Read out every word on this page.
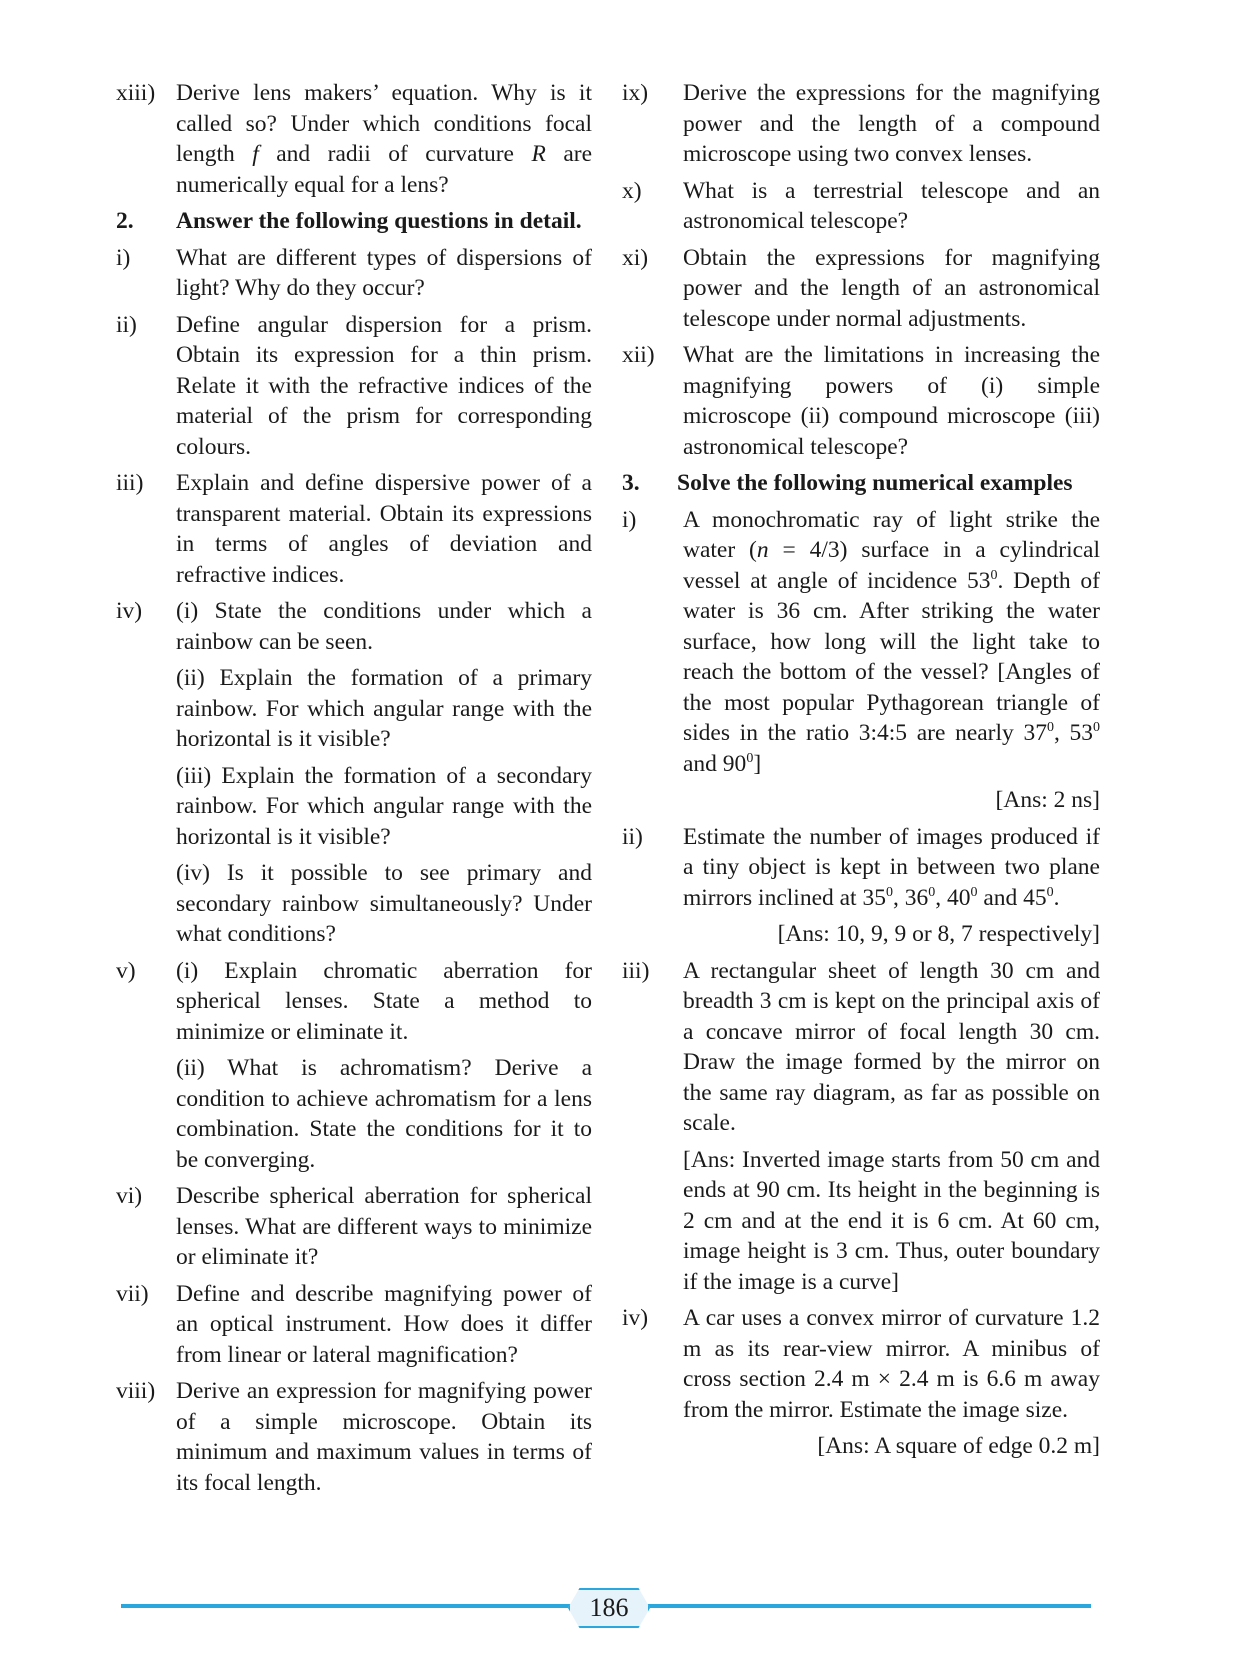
xiii) Derive lens makers’ equation. Why is it called so? Under which conditions focal length f and radii of curvature R are numerically equal for a lens?
2.	Answer the following questions in detail.
i)	What are different types of dispersions of light? Why do they occur?
ii)	Define angular dispersion for a prism. Obtain its expression for a thin prism. Relate it with the refractive indices of the material of the prism for corresponding colours.
iii)	Explain and define dispersive power of a transparent material. Obtain its expressions in terms of angles of deviation and refractive indices.
iv)	(i) State the conditions under which a rainbow can be seen.
(ii) Explain the formation of a primary rainbow. For which angular range with the horizontal is it visible?
(iii) Explain the formation of a secondary rainbow. For which angular range with the horizontal is it visible?
(iv) Is it possible to see primary and secondary rainbow simultaneously? Under what conditions?
v)	(i) Explain chromatic aberration for spherical lenses. State a method to minimize or eliminate it.
(ii) What is achromatism? Derive a condition to achieve achromatism for a lens combination. State the conditions for it to be converging.
vi)	Describe spherical aberration for spherical lenses. What are different ways to minimize or eliminate it?
vii)	Define and describe magnifying power of an optical instrument. How does it differ from linear or lateral magnification?
viii) Derive an expression for magnifying power of a simple microscope. Obtain its minimum and maximum values in terms of its focal length.
ix)	Derive the expressions for the magnifying power and the length of a compound microscope using two convex lenses.
x)	What is a terrestrial telescope and an astronomical telescope?
xi)	Obtain the expressions for magnifying power and the length of an astronomical telescope under normal adjustments.
xii)	What are the limitations in increasing the magnifying powers of (i) simple microscope (ii) compound microscope (iii) astronomical telescope?
3.	Solve the following numerical examples
i)	A monochromatic ray of light strike the water (n = 4/3) surface in a cylindrical vessel at angle of incidence $53^0$. Depth of water is 36 cm. After striking the water surface, how long will the light take to reach the bottom of the vessel? [Angles of the most popular Pythagorean triangle of sides in the ratio 3:4:5 are nearly $37^0$, $53^0$ and $90^0$]
[Ans: 2 ns]
ii)	Estimate the number of images produced if a tiny object is kept in between two plane mirrors inclined at $35^0$, $36^0$, $40^0$ and $45^0$.
[Ans: 10, 9, 9 or 8, 7 respectively]
iii)	A rectangular sheet of length 30 cm and breadth 3 cm is kept on the principal axis of a concave mirror of focal length 30 cm. Draw the image formed by the mirror on the same ray diagram, as far as possible on scale.
[Ans: Inverted image starts from 50 cm and ends at 90 cm. Its height in the beginning is 2 cm and at the end it is 6 cm. At 60 cm, image height is 3 cm. Thus, outer boundary if the image is a curve]
iv)	A car uses a convex mirror of curvature 1.2 m as its rear-view mirror. A minibus of cross section 2.4 m × 2.4 m is 6.6 m away from the mirror. Estimate the image size.
[Ans: A square of edge 0.2 m]
186
